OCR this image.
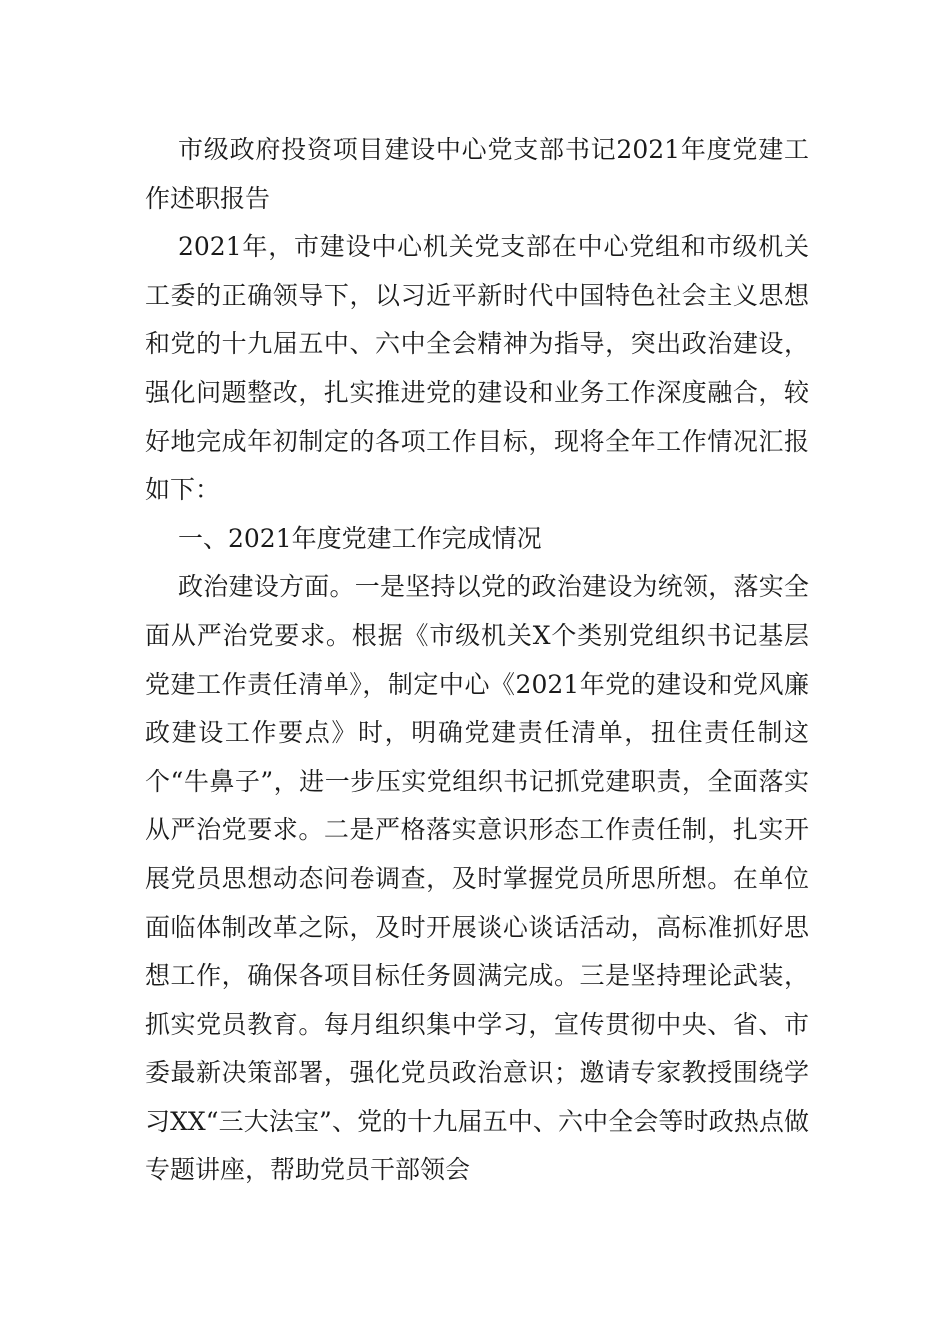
市级政府投资项目建设中心党支部书记2021年度党建工作述职报告

2021年，市建设中心机关党支部在中心党组和市级机关工委的正确领导下，以习近平新时代中国特色社会主义思想和党的十九届五中、六中全会精神为指导，突出政治建设，强化问题整改，扎实推进党的建设和业务工作深度融合，较好地完成年初制定的各项工作目标，现将全年工作情况汇报如下：

一、2021年度党建工作完成情况

政治建设方面。一是坚持以党的政治建设为统领，落实全面从严治党要求。根据《市级机关X个类别党组织书记基层党建工作责任清单》，制定中心《2021年党的建设和党风廉政建设工作要点》时，明确党建责任清单，扭住责任制这个“牛鼻子”，进一步压实党组织书记抓党建职责，全面落实从严治党要求。二是严格落实意识形态工作责任制，扎实开展党员思想动态问卷调查，及时掌握党员所思所想。在单位面临体制改革之际，及时开展谈心谈话活动，高标准抓好思想工作，确保各项目标任务圆满完成。三是坚持理论武装，抓实党员教育。每月组织集中学习，宣传贯彻中央、省、市委最新决策部署，强化党员政治意识；邀请专家教授围绕学习XX“三大法宝”、党的十九届五中、六中全会等时政热点做专题讲座，帮助党员干部领会
